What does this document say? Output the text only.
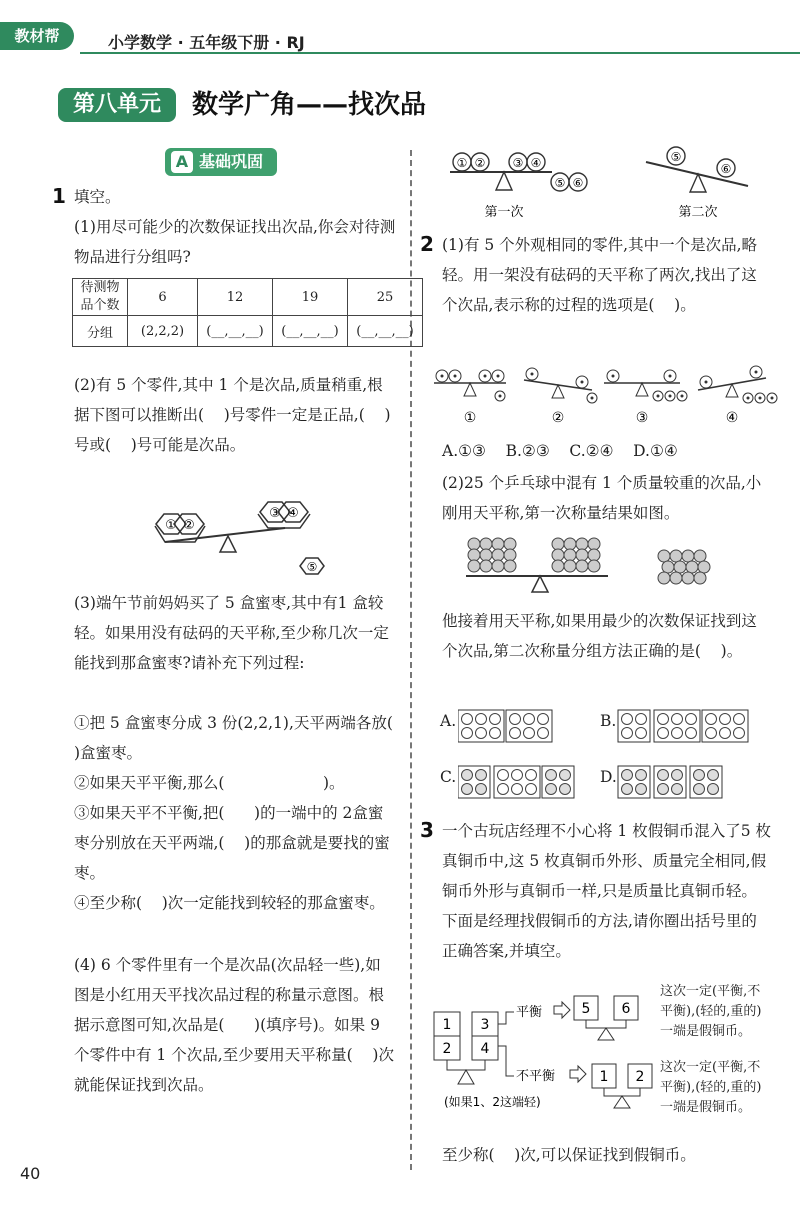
教材帮	小学数学 · 五年级下册 · RJ
第八单元	数学广角——找次品
A 基础巩固
1 填空。
(1)用尽可能少的次数保证找出次品,你会对待测物品进行分组吗?
待测物品个数	6	12	19	25
分组	(2,2,2)	(__,__,__)	(__,__,__)	(__,__,__)
(2)有 5 个零件,其中 1 个是次品,质量稍重,根据下图可以推断出(    )号零件一定是正品,(    )号或(    )号可能是次品。
① ②
③ ④
⑤
(3)端午节前妈妈买了 5 盒蜜枣,其中有1 盒较轻。如果用没有砝码的天平称,至少称几次一定能找到那盒蜜枣?请补充下列过程:
①把 5 盒蜜枣分成 3 份(2,2,1),天平两端各放(    )盒蜜枣。
②如果天平平衡,那么(                    )。
③如果天平不平衡,把(      )的一端中的 2盒蜜枣分别放在天平两端,(    )的那盒就是要找的蜜枣。
④至少称(    )次一定能找到较轻的那盒蜜枣。
(4) 6 个零件里有一个是次品(次品轻一些),如图是小红用天平找次品过程的称量示意图。根据示意图可知,次品是(      )(填序号)。如果 9 个零件中有 1 个次品,至少要用天平称量(    )次就能保证找到次品。
40
① ② ③ ④
⑤ ⑥
第一次
⑤
⑥
第二次
2 (1)有 5 个外观相同的零件,其中一个是次品,略轻。用一架没有砝码的天平称了两次,找出了这个次品,表示称的过程的选项是(    )。
①	②	③	④
A.①③    B.②③    C.②④    D.①④
(2)25 个乒乓球中混有 1 个质量较重的次品,小刚用天平称,第一次称量结果如图。
他接着用天平称,如果用最少的次数保证找到这个次品,第二次称量分组方法正确的是(    )。
A.	B.
C.	D.
3 一个古玩店经理不小心将 1 枚假铜币混入了5 枚真铜币中,这 5 枚真铜币外形、质量完全相同,假铜币外形与真铜币一样,只是质量比真铜币轻。下面是经理找假铜币的方法,请你圈出括号里的正确答案,并填空。
1 3
2 4
平衡
不平衡
5 6
1 2
(如果1、2这端轻)
这次一定(平衡,不平衡),(轻的,重的)一端是假铜币。
这次一定(平衡,不平衡),(轻的,重的)一端是假铜币。
至少称(    )次,可以保证找到假铜币。
